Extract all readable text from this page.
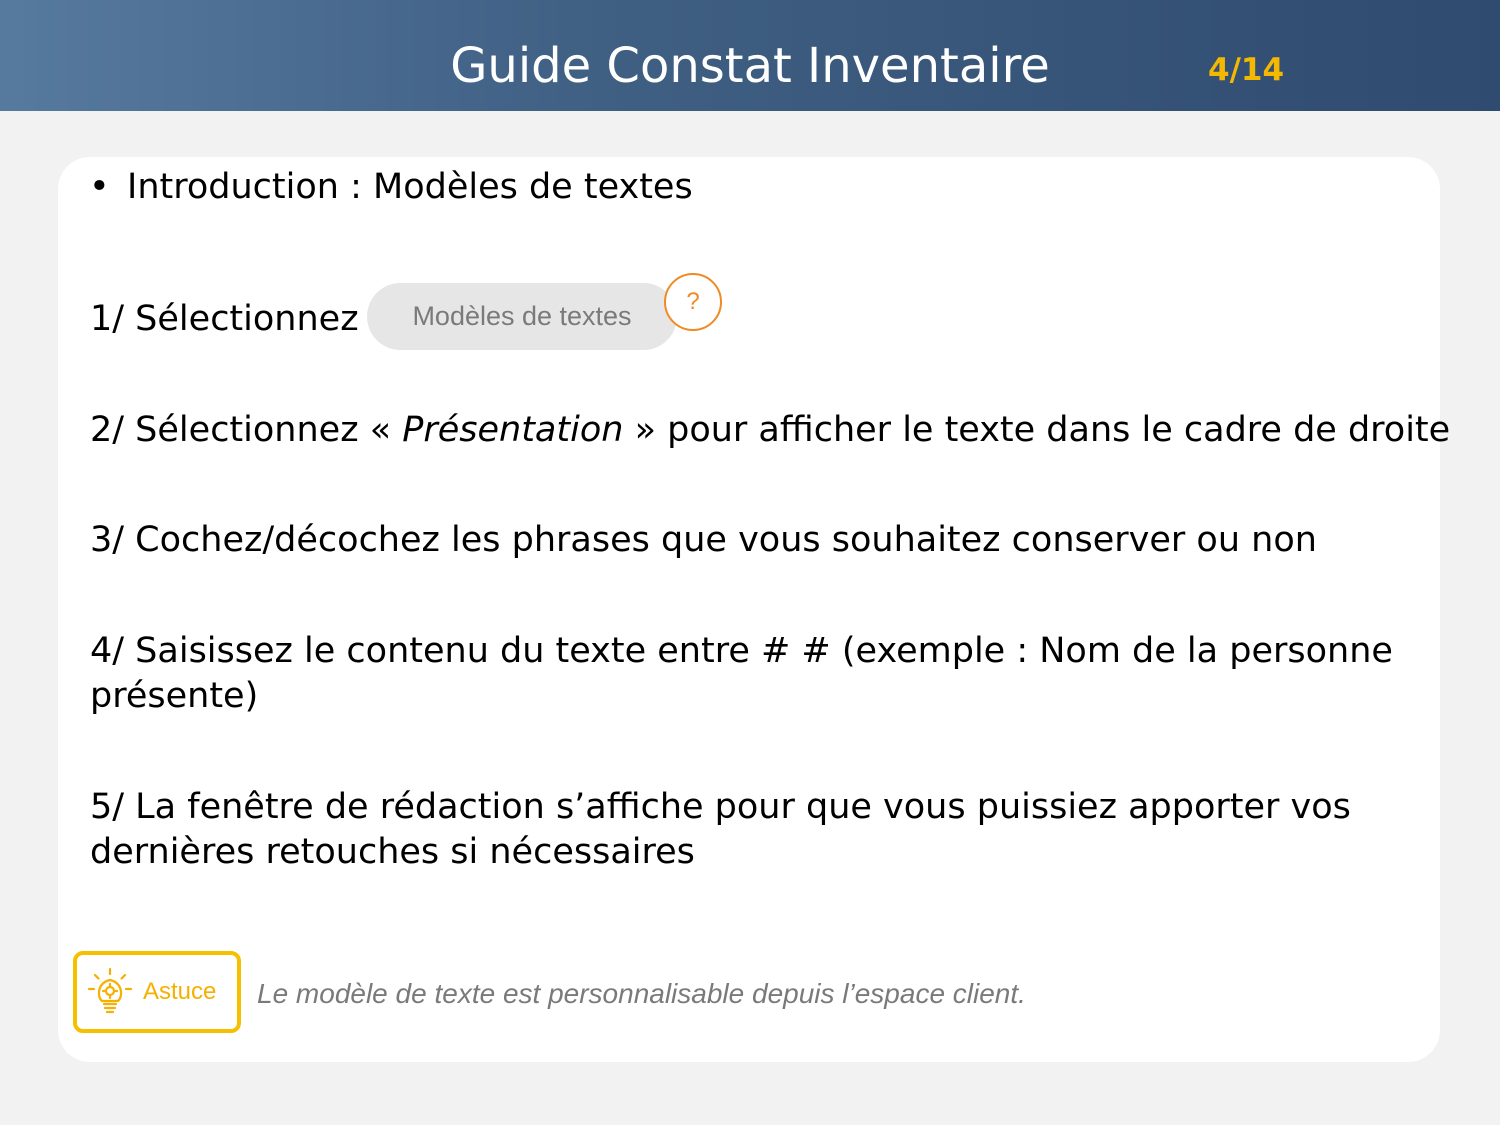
Guide Constat Inventaire	4/14
• Introduction : Modèles de textes
1/ Sélectionnez Modèles de textes ?
2/ Sélectionnez « Présentation » pour afficher le texte dans le cadre de droite
3/ Cochez/décochez les phrases que vous souhaitez conserver ou non
4/ Saisissez le contenu du texte entre # # (exemple : Nom de la personne
présente)
5/ La fenêtre de rédaction s’affiche pour que vous puissiez apporter vos
dernières retouches si nécessaires
Astuce Le modèle de texte est personnalisable depuis l’espace client.
